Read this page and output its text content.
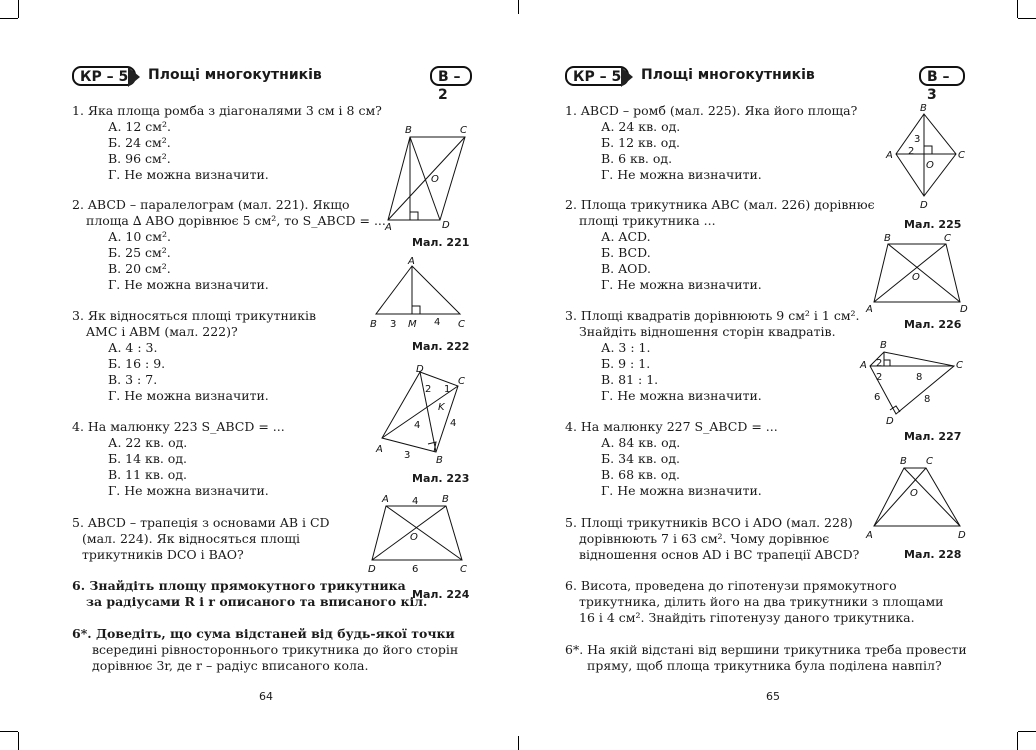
КР – 5	Площі многокутників	В – 2
1. Яка площа ромба з діагоналями 3 см і 8 см?
А. 12 см².
Б. 24 см².
В. 96 см².
Г. Не можна визначити.
2. ABCD – паралелограм (мал. 221). Якщо
площа ∆ ABO дорівнює 5 см², то S_ABCD = ...
А. 10 см².
Б. 25 см².
В. 20 см².
Г. Не можна визначити.
3. Як відносяться площі трикутників
AMC і ABM (мал. 222)?
А. 4 : 3.
Б. 16 : 9.
В. 3 : 7.
Г. Не можна визначити.
4. На малюнку 223 S_ABCD = ...
А. 22 кв. од.
Б. 14 кв. од.
В. 11 кв. од.
Г. Не можна визначити.
5. ABCD – трапеція з основами AB і CD
(мал. 224). Як відносяться площі
трикутників DCO і BAO?
6. Знайдіть площу прямокутного трикутника
за радіусами R і r описаного та вписаного кіл.
6*. Доведіть, що сума відстаней від будь-якої точки
всередині рівностороннього трикутника до його сторін
дорівнює 3r, де r – радіус вписаного кола.
B	C
O
A	D
Мал. 221
A
B 3 M 4 C
Мал. 222
D
2 1
C
K
4	4
A
3	B
Мал. 223
A 4 B
O
D	6	C
Мал. 224
64
КР – 5	Площі многокутників	В – 3
1. ABCD – ромб (мал. 225). Яка його площа?
А. 24 кв. од.
Б. 12 кв. од.
В. 6 кв. од.
Г. Не можна визначити.
2. Площа трикутника ABC (мал. 226) дорівнює
площі трикутника ...
А. ACD.
Б. BCD.
В. AOD.
Г. Не можна визначити.
3. Площі квадратів дорівнюють 9 см² і 1 см².
Знайдіть відношення сторін квадратів.
А. 3 : 1.
Б. 9 : 1.
В. 81 : 1.
Г. Не можна визначити.
4. На малюнку 227 S_ABCD = ...
А. 84 кв. од.
Б. 34 кв. од.
В. 68 кв. од.
Г. Не можна визначити.
5. Площі трикутників BCO і ADO (мал. 228)
дорівнюють 7 і 63 см². Чому дорівнює
відношення основ AD і BC трапеції ABCD?
6. Висота, проведена до гіпотенузи прямокутного
трикутника, ділить його на два трикутники з площами
16 і 4 см². Знайдіть гіпотенузу даного трикутника.
6*. На якій відстані від вершини трикутника треба провести
пряму, щоб площа трикутника була поділена навпіл?
B
3
2
A	C
O
D
Мал. 225
B	C
O
A	D
Мал. 226
B
A 2	C
2	8
6	8
D
Мал. 227
B C
O
A	D
Мал. 228
65
